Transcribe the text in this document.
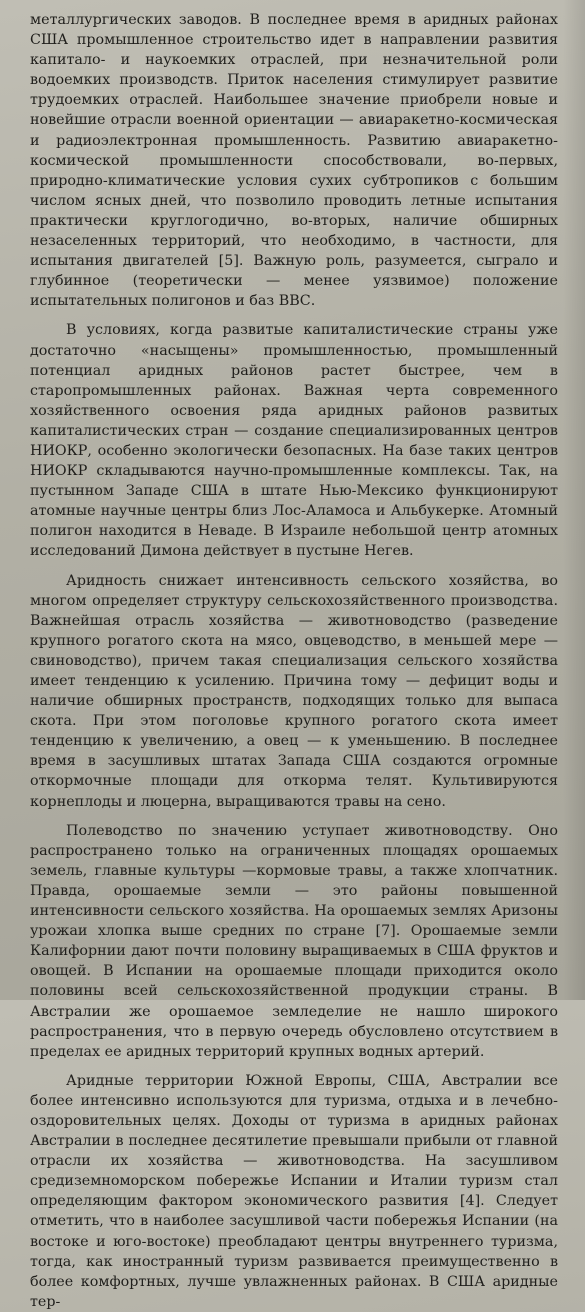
металлургических заводов. В последнее время в аридных районах США промышленное строительство идет в направлении развития капитало- и наукоемких отраслей, при незначительной роли водоемких производств. Приток населения стимулирует развитие трудоемких отраслей. Наибольшее значение приобрели новые и новейшие отрасли военной ориентации — авиаракетно-космическая и радиоэлектронная промышленность. Развитию авиаракетно-космической промышленности способствовали, во-первых, природно-климатические условия сухих субтропиков с большим числом ясных дней, что позволило проводить летные испытания практически круглогодично, во-вторых, наличие обширных незаселенных территорий, что необходимо, в частности, для испытания двигателей [5]. Важную роль, разумеется, сыграло и глубинное (теоретически — менее уязвимое) положение испытательных полигонов и баз ВВС.

В условиях, когда развитые капиталистические страны уже достаточно «насыщены» промышленностью, промышленный потенциал аридных районов растет быстрее, чем в старопромышленных районах. Важная черта современного хозяйственного освоения ряда аридных районов развитых капиталистических стран — создание специализированных центров НИОКР, особенно экологически безопасных. На базе таких центров НИОКР складываются научно-промышленные комплексы. Так, на пустынном Западе США в штате Нью-Мексико функционируют атомные научные центры близ Лос-Аламоса и Альбукерке. Атомный полигон находится в Неваде. В Израиле небольшой центр атомных исследований Димона действует в пустыне Негев.

Аридность снижает интенсивность сельского хозяйства, во многом определяет структуру сельскохозяйственного производства. Важнейшая отрасль хозяйства — животноводство (разведение крупного рогатого скота на мясо, овцеводство, в меньшей мере — свиноводство), причем такая специализация сельского хозяйства имеет тенденцию к усилению. Причина тому — дефицит воды и наличие обширных пространств, подходящих только для выпаса скота. При этом поголовье крупного рогатого скота имеет тенденцию к увеличению, а овец — к уменьшению. В последнее время в засушливых штатах Запада США создаются огромные откормочные площади для откорма телят. Культивируются корнеплоды и люцерна, выращиваются травы на сено.

Полеводство по значению уступает животноводству. Оно распространено только на ограниченных площадях орошаемых земель, главные культуры —кормовые травы, а также хлопчатник. Правда, орошаемые земли — это районы повышенной интенсивности сельского хозяйства. На орошаемых землях Аризоны урожаи хлопка выше средних по стране [7]. Орошаемые земли Калифорнии дают почти половину выращиваемых в США фруктов и овощей. В Испании на орошаемые площади приходится около половины всей сельскохозяйственной продукции страны. В Австралии же орошаемое земледелие не нашло широкого распространения, что в первую очередь обусловлено отсутствием в пределах ее аридных территорий крупных водных артерий.

Аридные территории Южной Европы, США, Австралии все более интенсивно используются для туризма, отдыха и в лечебно-оздоровительных целях. Доходы от туризма в аридных районах Австралии в последнее десятилетие превышали прибыли от главной отрасли их хозяйства — животноводства. На засушливом средиземноморском побережье Испании и Италии туризм стал определяющим фактором экономического развития [4]. Следует отметить, что в наиболее засушливой части побережья Испании (на востоке и юго-востоке) преобладают центры внутреннего туризма, тогда, как иностранный туризм развивается преимущественно в более комфортных, лучше увлажненных районах. В США аридные тер-
